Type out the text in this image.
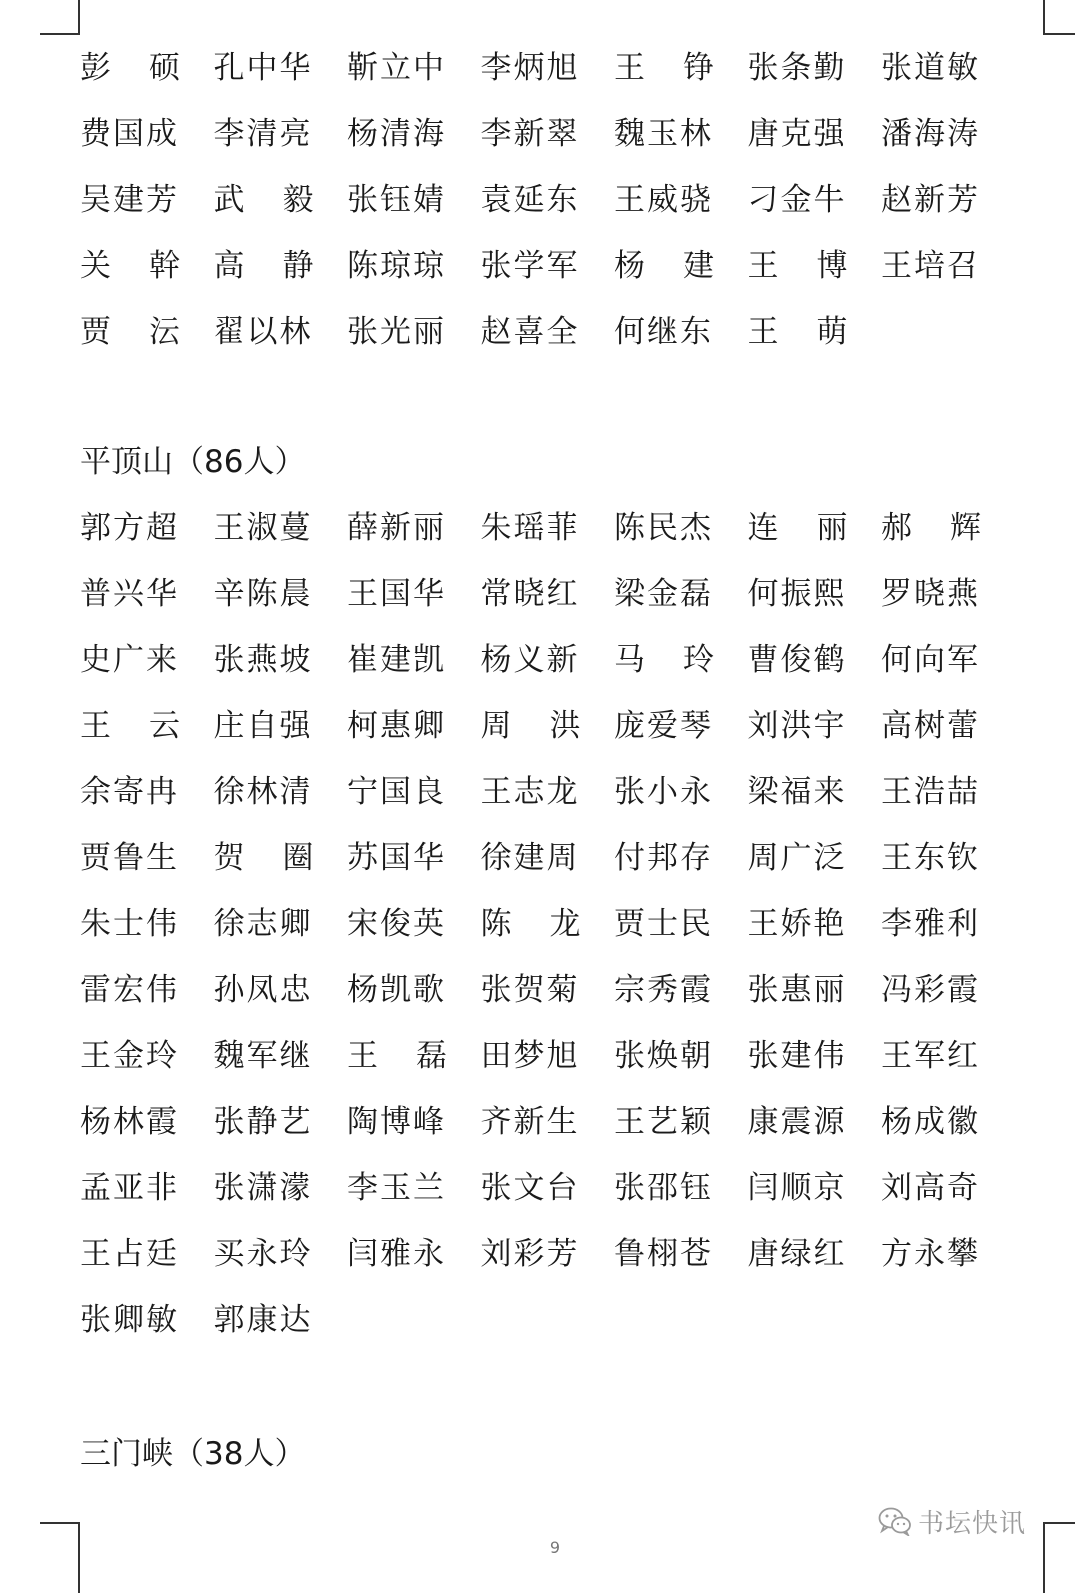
彭 硕 孔中华 靳立中 李炳旭 王 铮 张条勤 张道敏
费国成 李清亮 杨清海 李新翠 魏玉林 唐克强 潘海涛
吴建芳 武 毅 张钰婧 袁延东 王威骁 刁金牛 赵新芳
关 幹 高 静 陈琼琼 张学军 杨 建 王 博 王培召
贾 沄 翟以林 张光丽 赵喜全 何继东 王 萌
平顶山（86人）
郭方超 王淑蔓 薛新丽 朱瑶菲 陈民杰 连 丽 郝 辉
普兴华 辛陈晨 王国华 常晓红 梁金磊 何振熙 罗晓燕
史广来 张燕坡 崔建凯 杨义新 马 玲 曹俊鹤 何向军
王 云 庄自强 柯惠卿 周 洪 庞爱琴 刘洪宇 高树蕾
余寄冉 徐林清 宁国良 王志龙 张小永 梁福来 王浩喆
贾鲁生 贺 圈 苏国华 徐建周 付邦存 周广泛 王东钦
朱士伟 徐志卿 宋俊英 陈 龙 贾士民 王娇艳 李雅利
雷宏伟 孙凤忠 杨凯歌 张贺菊 宗秀霞 张惠丽 冯彩霞
王金玲 魏军继 王 磊 田梦旭 张焕朝 张建伟 王军红
杨林霞 张静艺 陶博峰 齐新生 王艺颖 康震源 杨成徽
孟亚非 张潇濛 李玉兰 张文台 张邵钰 闫顺京 刘高奇
王占廷 买永玲 闫雅永 刘彩芳 鲁栩苍 唐绿红 方永攀
张卿敏 郭康达
三门峡（38人）
9
书坛快讯
